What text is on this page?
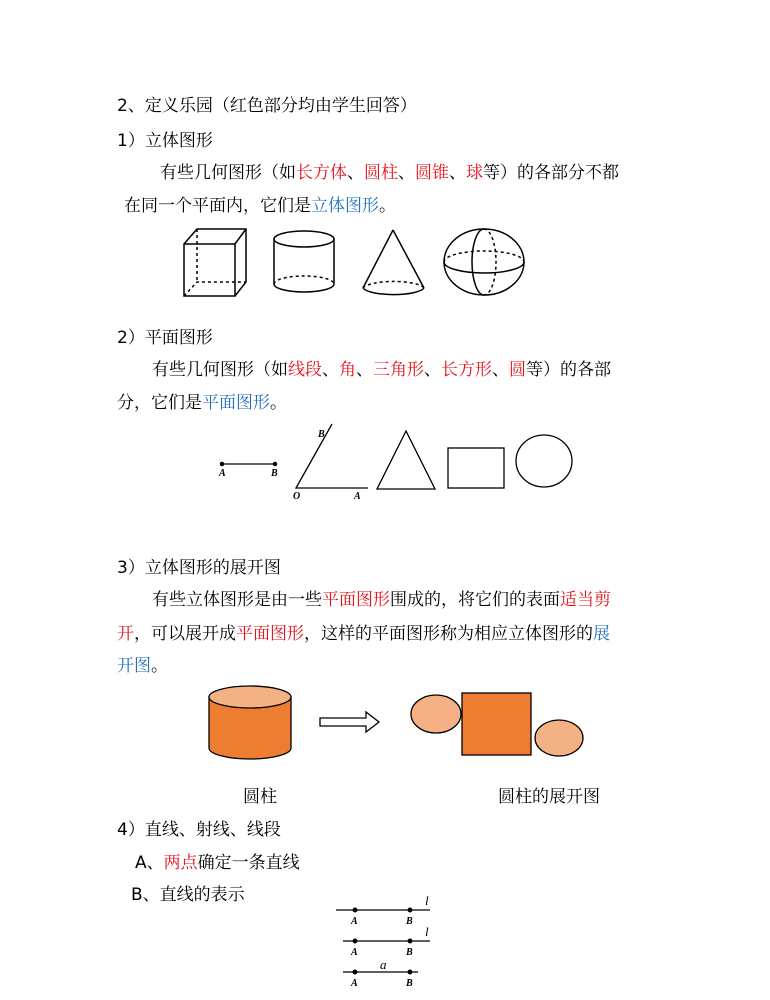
2、定义乐园（红色部分均由学生回答）
1）立体图形
有些几何图形（如长方体、圆柱、圆锥、球等）的各部分不都
在同一个平面内，它们是立体图形。
2）平面图形
有些几何图形（如线段、角、三角形、长方形、圆等）的各部
分，它们是平面图形。
A	B
B
O	A
3）立体图形的展开图
有些立体图形是由一些平面图形围成的，将它们的表面适当剪
开，可以展开成平面图形，这样的平面图形称为相应立体图形的展
开图。
圆柱	圆柱的展开图
4）直线、射线、线段
A、两点确定一条直线
B、直线的表示
A	B
l
A	B
l
A	B
a
